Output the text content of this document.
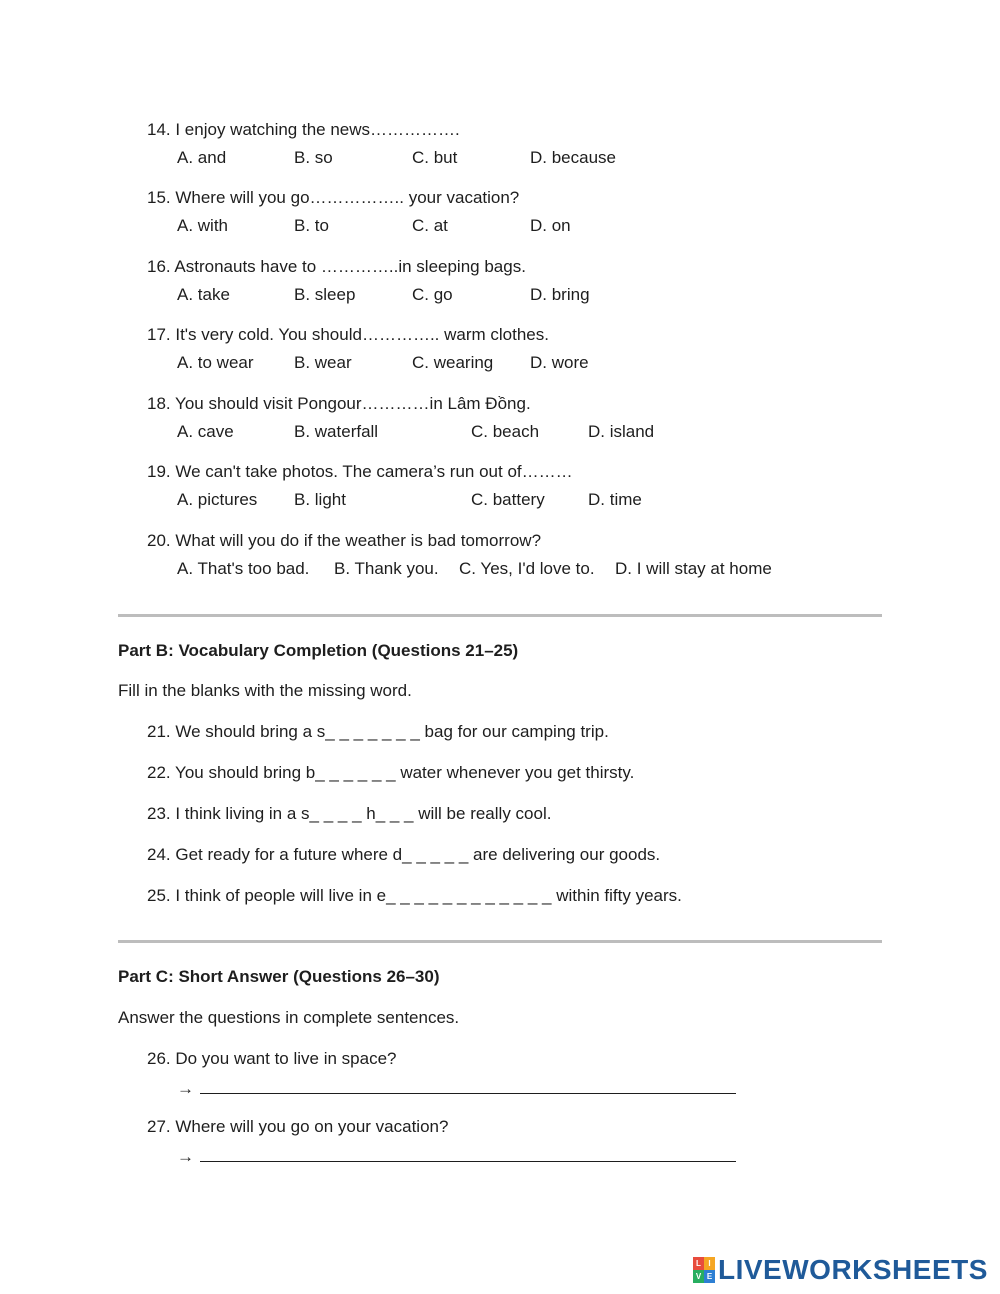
14. I enjoy watching the news…………….
A. and	B. so	C. but	D. because
15. Where will you go…………….. your vacation?
A. with	B. to	C. at	D. on
16. Astronauts have to …………..in sleeping bags.
A. take	B. sleep	C. go	D. bring
17. It's very cold. You should………….. warm clothes.
A. to wear B. wear	C. wearing D. wore
18. You should visit Pongour…………in Lâm Đồng.
A. cave	B. waterfall	C. beach	D. island
19. We can't take photos. The camera’s run out of………
A. pictures B. light	C. battery	D. time
20. What will you do if the weather is bad tomorrow?
A. That's too bad. B. Thank you. C. Yes, I'd love to. D. I will stay at home
Part B: Vocabulary Completion (Questions 21–25)
Fill in the blanks with the missing word.
21. We should bring a s_ _ _ _ _ _ _ bag for our camping trip.
22. You should bring b_ _ _ _ _ _ water whenever you get thirsty.
23. I think living in a s_ _ _ _ h_ _ _ will be really cool.
24. Get ready for a future where d_ _ _ _ _ are delivering our goods.
25. I think of people will live in e_ _ _ _ _ _ _ _ _ _ _ _ within fifty years.
Part C: Short Answer (Questions 26–30)
Answer the questions in complete sentences.
26. Do you want to live in space?
→
27. Where will you go on your vacation?
→
L I
V E LIVEWORKSHEETS
